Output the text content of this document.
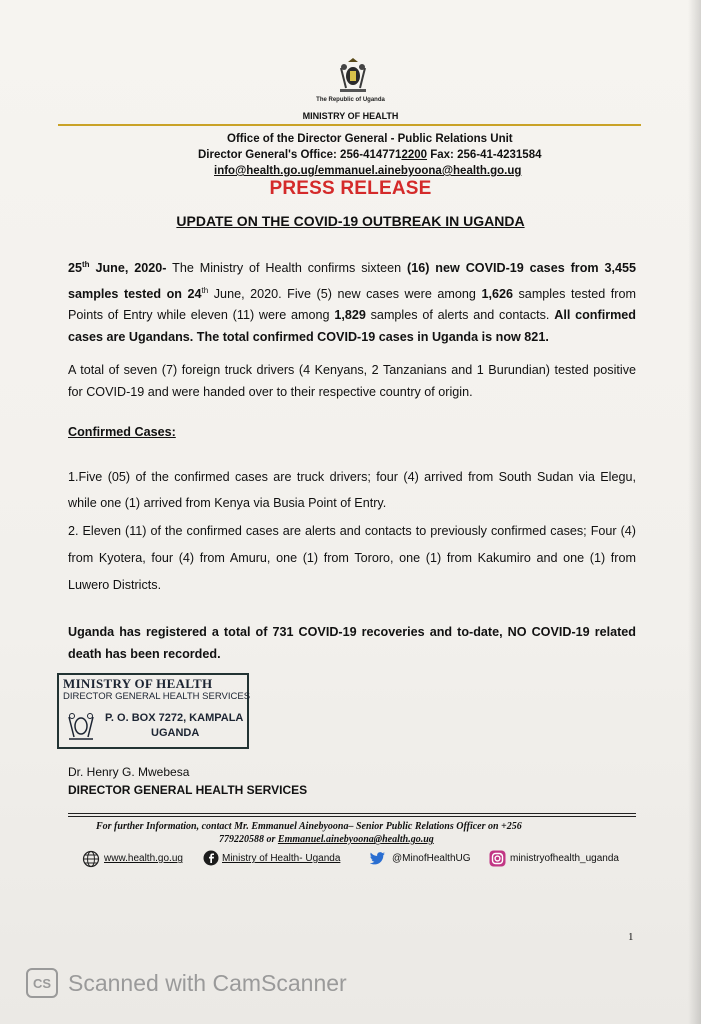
The Republic of Uganda
MINISTRY OF HEALTH
Office of the Director General - Public Relations Unit
Director General's Office: 256-4147712200 Fax: 256-41-4231584
info@health.go.ug/emmanuel.ainebyoona@health.go.ug
PRESS RELEASE
UPDATE ON THE COVID-19 OUTBREAK IN UGANDA
25th June, 2020- The Ministry of Health confirms sixteen (16) new COVID-19 cases from 3,455 samples tested on 24th June, 2020. Five (5) new cases were among 1,626 samples tested from Points of Entry while eleven (11) were among 1,829 samples of alerts and contacts. All confirmed cases are Ugandans. The total confirmed COVID-19 cases in Uganda is now 821.
A total of seven (7) foreign truck drivers (4 Kenyans, 2 Tanzanians and 1 Burundian) tested positive for COVID-19 and were handed over to their respective country of origin.
Confirmed Cases:
1.Five (05) of the confirmed cases are truck drivers; four (4) arrived from South Sudan via Elegu, while one (1) arrived from Kenya via Busia Point of Entry.
2. Eleven (11) of the confirmed cases are alerts and contacts to previously confirmed cases; Four (4) from Kyotera, four (4) from Amuru, one (1) from Tororo, one (1) from Kakumiro and one (1) from Luwero Districts.
Uganda has registered a total of 731 COVID-19 recoveries and to-date, NO COVID-19 related death has been recorded.
MINISTRY OF HEALTH
DIRECTOR GENERAL HEALTH SERVICES
P. O. BOX 7272, KAMPALA
UGANDA
Dr. Henry G. Mwebesa
DIRECTOR GENERAL HEALTH SERVICES
For further Information, contact Mr. Emmanuel Ainebyoona– Senior Public Relations Officer on +256
779220588 or Emmanuel.ainebyoona@health.go.ug
www.health.go.ug	Ministry of Health- Uganda	@MinofHealthUG	ministryofhealth_uganda
1
CS Scanned with CamScanner
